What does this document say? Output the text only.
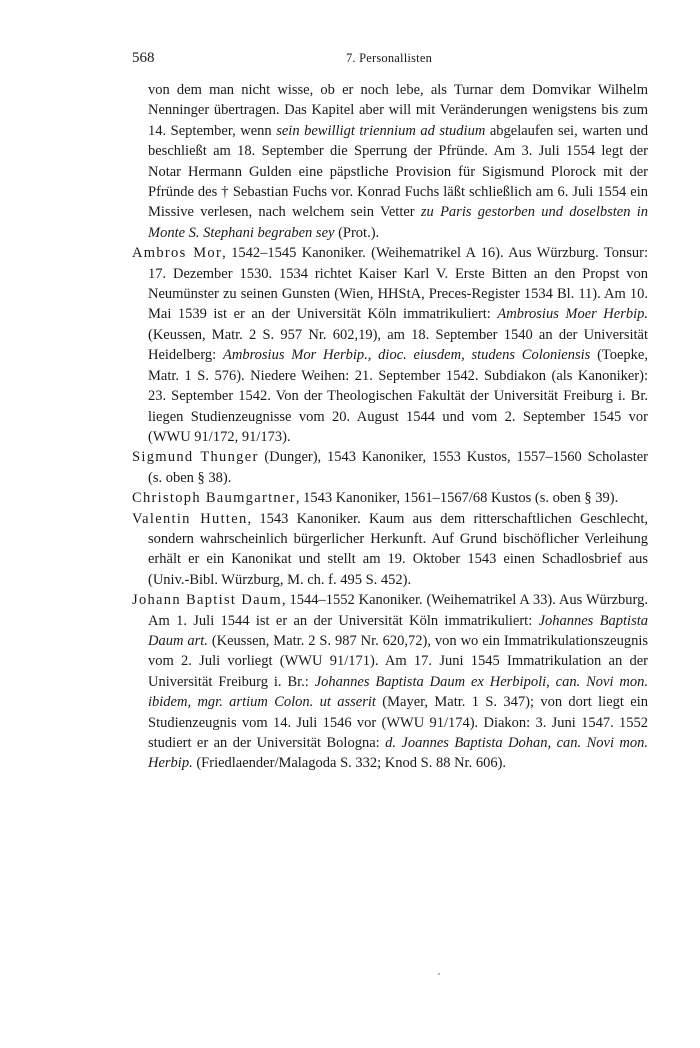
568	7. Personallisten

von dem man nicht wisse, ob er noch lebe, als Turnar dem Domvikar Wilhelm Nenninger übertragen. Das Kapitel aber will mit Veränderungen wenigstens bis zum 14. September, wenn sein bewilligt triennium ad studium abgelaufen sei, warten und beschließt am 18. September die Sperrung der Pfründe. Am 3. Juli 1554 legt der Notar Hermann Gulden eine päpstliche Provision für Sigismund Plorock mit der Pfründe des † Sebastian Fuchs vor. Konrad Fuchs läßt schließlich am 6. Juli 1554 ein Missive verlesen, nach welchem sein Vetter zu Paris gestorben und doselbsten in Monte S. Stephani begraben sey (Prot.).

Ambros Mor, 1542–1545 Kanoniker. (Weihematrikel A 16). Aus Würzburg. Tonsur: 17. Dezember 1530. 1534 richtet Kaiser Karl V. Erste Bitten an den Propst von Neumünster zu seinen Gunsten (Wien, HHStA, Preces-Register 1534 Bl. 11). Am 10. Mai 1539 ist er an der Universität Köln immatrikuliert: Ambrosius Moer Herbip. (Keussen, Matr. 2 S. 957 Nr. 602,19), am 18. September 1540 an der Universität Heidelberg: Ambrosius Mor Herbip., dioc. eiusdem, studens Coloniensis (Toepke, Matr. 1 S. 576). Niedere Weihen: 21. September 1542. Subdiakon (als Kanoniker): 23. September 1542. Von der Theologischen Fakultät der Universität Freiburg i. Br. liegen Studienzeugnisse vom 20. August 1544 und vom 2. September 1545 vor (WWU 91/172, 91/​173).

Sigmund Thunger (Dunger), 1543 Kanoniker, 1553 Kustos, 1557–1560 Scholaster (s. oben § 38).

Christoph Baumgartner, 1543 Kanoniker, 1561–1567/68 Kustos (s. oben § 39).

Valentin Hutten, 1543 Kanoniker. Kaum aus dem ritterschaftlichen Geschlecht, sondern wahrscheinlich bürgerlicher Herkunft. Auf Grund bischöflicher Verleihung erhält er ein Kanonikat und stellt am 19. Oktober 1543 einen Schadlosbrief aus (Univ.-Bibl. Würzburg, M. ch. f. 495 S. 452).

Johann Baptist Daum, 1544–1552 Kanoniker. (Weihematrikel A 33). Aus Würzburg. Am 1. Juli 1544 ist er an der Universität Köln immatrikuliert: Johannes Baptista Daum art. (Keussen, Matr. 2 S. 987 Nr. 620,72), von wo ein Immatrikulationszeugnis vom 2. Juli vorliegt (WWU 91/171). Am 17. Juni 1545 Immatrikulation an der Universität Freiburg i. Br.: Johannes Baptista Daum ex Herbipoli, can. Novi mon. ibidem, mgr. artium Colon. ut asserit (Mayer, Matr. 1 S. 347); von dort liegt ein Studienzeugnis vom 14. Juli 1546 vor (WWU 91/174). Diakon: 3. Juni 1547. 1552 studiert er an der Universität Bologna: d. Joannes Baptista Dohan, can. Novi mon. Herbip. (Friedlaender/Malagoda S. 332; Knod S. 88 Nr. 606).
